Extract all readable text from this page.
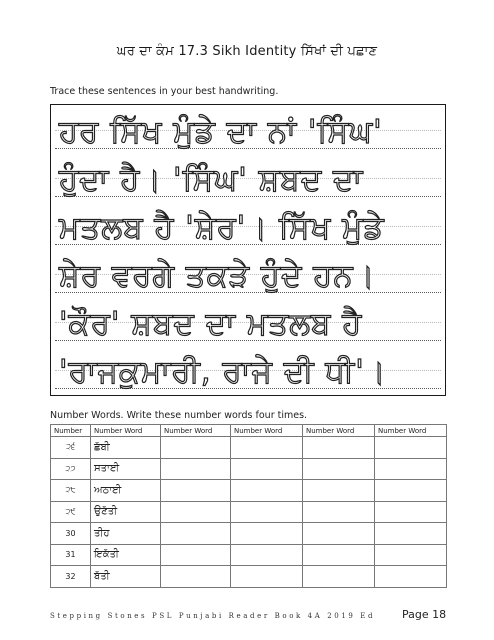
ਘਰ ਦਾ ਕੰਮ 17.3 Sikh Identity ਸਿੱਖਾਂ ਦੀ ਪਛਾਣ
Trace these sentences in your best handwriting.
ਹਰ ਸਿੱਖ ਮੁੰਡੇ ਦਾ ਨਾਂ 'ਸਿੰਘ'
ਹੁੰਦਾ ਹੈ। 'ਸਿੰਘ' ਸ਼ਬਦ ਦਾ
ਮਤਲਬ ਹੈ 'ਸ਼ੇਰ'। ਸਿੱਖ ਮੁੰਡੇ
ਸ਼ੇਰ ਵਰਗੇ ਤਕੜੇ ਹੁੰਦੇ ਹਨ।
'ਕੌਰ' ਸ਼ਬਦ ਦਾ ਮਤਲਬ ਹੈ
'ਰਾਜਕੁਮਾਰੀ, ਰਾਜੇ ਦੀ ਧੀ'।
Number Words. Write these number words four times.
Number	Number Word	Number Word	Number Word	Number Word	Number Word
੨੬	ਛੱਬੀ				
੨੭	ਸਤਾਈ				
੨੮	ਅਠਾਈ				
੨੯	ਉਣੱਤੀ				
30	ਤੀਹ				
31	ਇਕੱਤੀ				
32	ਬੱਤੀ				
Stepping Stones PSL Punjabi Reader Book 4A 2019 Ed Page 18
